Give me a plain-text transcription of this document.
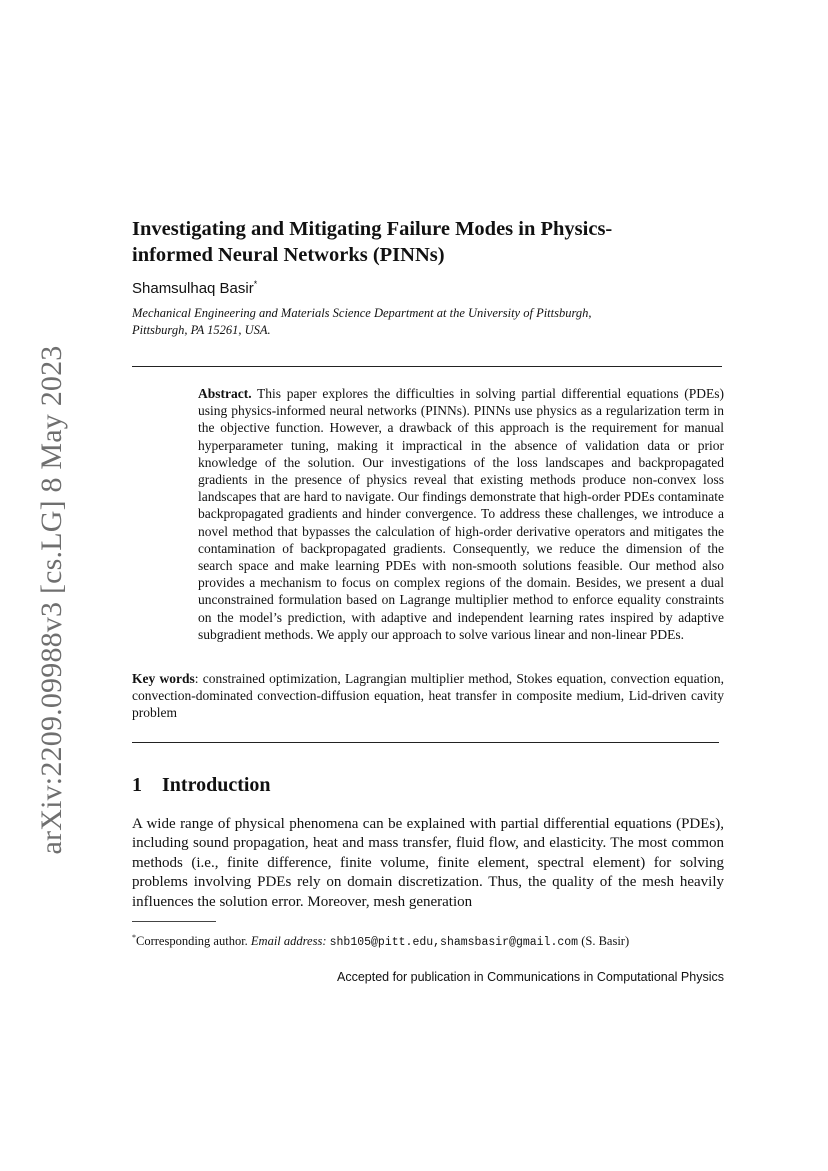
arXiv:2209.09988v3 [cs.LG] 8 May 2023
Investigating and Mitigating Failure Modes in Physics-informed Neural Networks (PINNs)
Shamsulhaq Basir*
Mechanical Engineering and Materials Science Department at the University of Pittsburgh, Pittsburgh, PA 15261, USA.

Abstract. This paper explores the difficulties in solving partial differential equations (PDEs) using physics-informed neural networks (PINNs). PINNs use physics as a regularization term in the objective function. However, a drawback of this approach is the requirement for manual hyperparameter tuning, making it impractical in the absence of validation data or prior knowledge of the solution. Our investigations of the loss landscapes and backpropagated gradients in the presence of physics reveal that existing methods produce non-convex loss landscapes that are hard to navigate. Our findings demonstrate that high-order PDEs contaminate backpropagated gradients and hinder convergence. To address these challenges, we introduce a novel method that bypasses the calculation of high-order derivative operators and mitigates the contamination of backpropagated gradients. Consequently, we reduce the dimension of the search space and make learning PDEs with non-smooth solutions feasible. Our method also provides a mechanism to focus on complex regions of the domain. Besides, we present a dual unconstrained formulation based on Lagrange multiplier method to enforce equality constraints on the model’s prediction, with adaptive and independent learning rates inspired by adaptive subgradient methods. We apply our approach to solve various linear and non-linear PDEs.

Key words: constrained optimization, Lagrangian multiplier method, Stokes equation, convection equation, convection-dominated convection-diffusion equation, heat transfer in composite medium, Lid-driven cavity problem

1 Introduction

A wide range of physical phenomena can be explained with partial differential equations (PDEs), including sound propagation, heat and mass transfer, fluid flow, and elasticity. The most common methods (i.e., finite difference, finite volume, finite element, spectral element) for solving problems involving PDEs rely on domain discretization. Thus, the quality of the mesh heavily influences the solution error. Moreover, mesh generation

*Corresponding author. Email address: shb105@pitt.edu,shamsbasir@gmail.com (S. Basir)

Accepted for publication in Communications in Computational Physics
